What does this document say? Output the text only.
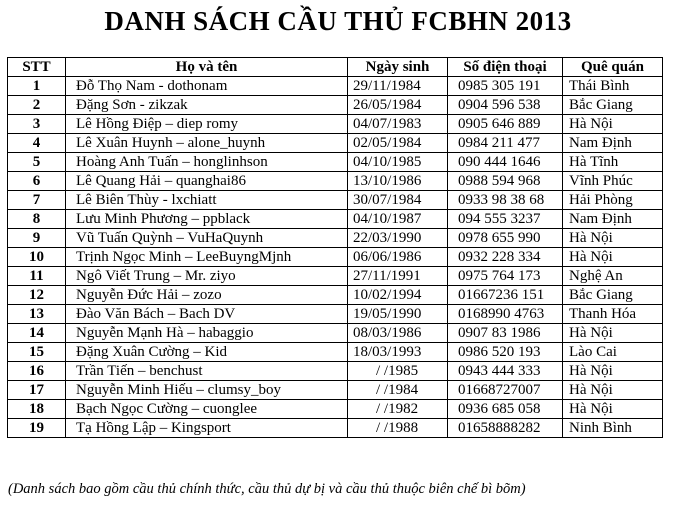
DANH SÁCH CẦU THỦ FCBHN 2013
STT	Họ và tên	Ngày sinh	Số điện thoại	Quê quán
1	Đỗ Thọ Nam - dothonam	29/11/1984	0985 305 191	Thái Bình
2	Đặng Sơn - zikzak	26/05/1984	0904 596 538	Bắc Giang
3	Lê Hồng Điệp – diep romy	04/07/1983	0905 646 889	Hà Nội
4	Lê Xuân Huynh – alone_huynh	02/05/1984	0984 211 477	Nam Định
5	Hoàng Anh Tuấn – honglinhson	04/10/1985	090 444 1646	Hà Tĩnh
6	Lê Quang Hải – quanghai86	13/10/1986	0988 594 968	Vĩnh Phúc
7	Lê Biên Thùy - lxchiatt	30/07/1984	0933 98 38 68	Hải Phòng
8	Lưu Minh Phương – ppblack	04/10/1987	094 555 3237	Nam Định
9	Vũ Tuấn Quỳnh – VuHaQuynh	22/03/1990	0978 655 990	Hà Nội
10	Trịnh Ngọc Minh – LeeBuyngMjnh	06/06/1986	0932 228 334	Hà Nội
11	Ngô Viết Trung – Mr. ziyo	27/11/1991	0975 764 173	Nghệ An
12	Nguyễn Đức Hải – zozo	10/02/1994	01667236 151	Bắc Giang
13	Đào Văn Bách – Bach DV	19/05/1990	0168990 4763	Thanh Hóa
14	Nguyễn Mạnh Hà – habaggio	08/03/1986	0907 83 1986	Hà Nội
15	Đặng Xuân Cường – Kid	18/03/1993	0986 520 193	Lào Cai
16	Trần Tiến – benchust	/ /1985	0943 444 333	Hà Nội
17	Nguyễn Minh Hiếu – clumsy_boy	/ /1984	01668727007	Hà Nội
18	Bạch Ngọc Cường – cuonglee	/ /1982	0936 685 058	Hà Nội
19	Tạ Hồng Lập – Kingsport	/ /1988	01658888282	Ninh Bình
(Danh sách bao gồm cầu thủ chính thức, cầu thủ dự bị và cầu thủ thuộc biên chế bì bõm)
